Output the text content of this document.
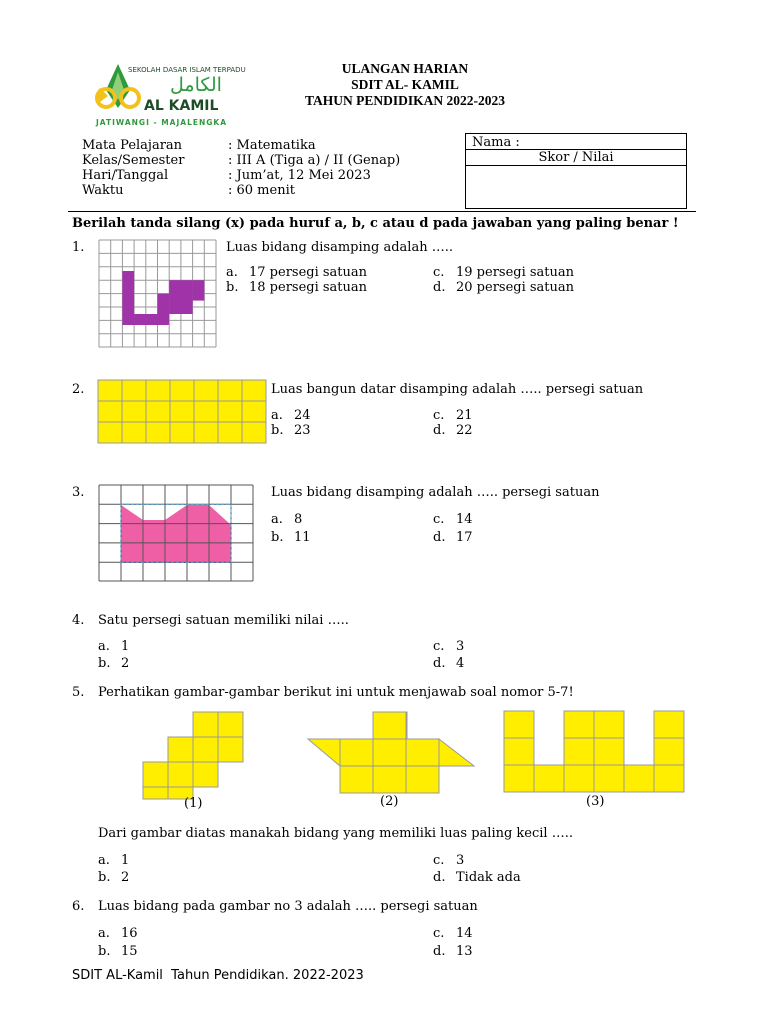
SEKOLAH DASAR ISLAM TERPADU
الكامل
AL KAMIL
JATIWANGI - MAJALENGKA
ULANGAN HARIAN
SDIT AL- KAMIL
TAHUN PENDIDIKAN 2022-2023
Mata Pelajaran	: Matematika
Kelas/Semester	: III A (Tiga a) / II (Genap)
Hari/Tanggal	: Jum’at, 12 Mei 2023
Waktu	: 60 menit
Nama :
Skor / Nilai
Berilah tanda silang (x) pada huruf a, b, c atau d pada jawaban yang paling benar !
1.	Luas bidang disamping adalah …..
a. 17 persegi satuan
b. 18 persegi satuan
c. 19 persegi satuan
d. 20 persegi satuan
2.	Luas bangun datar disamping adalah ….. persegi satuan
a. 24
b. 23
c. 21
d. 22
3.	Luas bidang disamping adalah ….. persegi satuan
a. 8
b. 11
c. 14
d. 17
4. Satu persegi satuan memiliki nilai …..
a. 1
b. 2
c. 3
d. 4
5. Perhatikan gambar-gambar berikut ini untuk menjawab soal nomor 5-7!
(1)	(2)	(3)
Dari gambar diatas manakah bidang yang memiliki luas paling kecil …..
a. 1
b. 2
c. 3
d. Tidak ada
6. Luas bidang pada gambar no 3 adalah ….. persegi satuan
a. 16
b. 15
c. 14
d. 13
SDIT AL-Kamil  Tahun Pendidikan. 2022-2023
